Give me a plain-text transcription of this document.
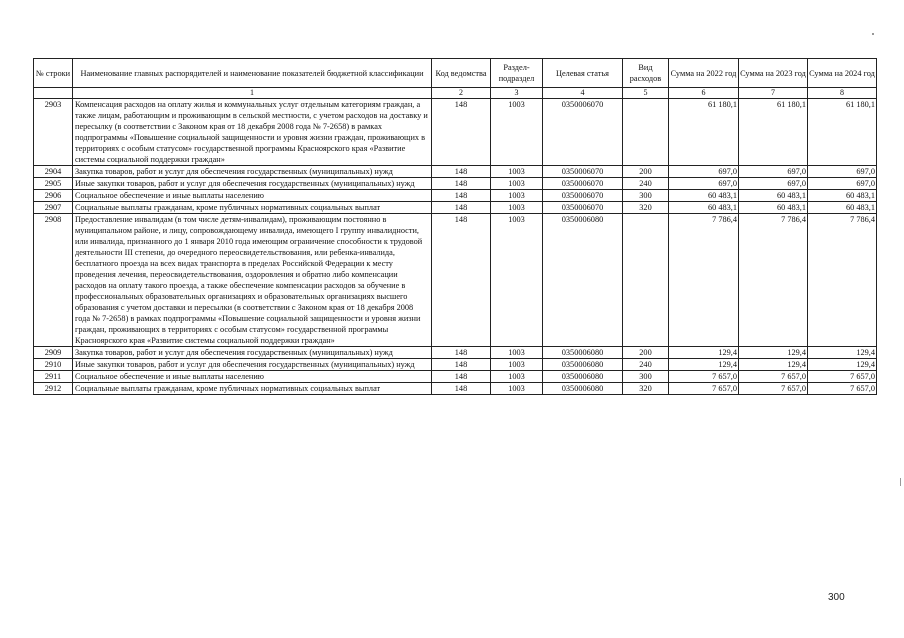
№ строки	Наименование главных распорядителей и наименование показателей бюджетной классификации	Код ведомства	Раздел-подраздел	Целевая статья	Вид расходов	Сумма на 2022 год	Сумма на 2023 год	Сумма на 2024 год
	1	2	3	4	5	6	7	8
2903	Компенсация расходов на оплату жилья и коммунальных услуг отдельным категориям граждан, а также лицам, работающим и проживающим в сельской местности, с учетом расходов на доставку и пересылку (в соответствии с Законом края от 18 декабря 2008 года № 7-2658) в рамках подпрограммы «Повышение социальной защищенности и уровня жизни граждан, проживающих в территориях с особым статусом» государственной программы Красноярского края «Развитие системы социальной поддержки граждан»	148	1003	0350006070		61 180,1	61 180,1	61 180,1
2904	Закупка товаров, работ и услуг для обеспечения государственных (муниципальных) нужд	148	1003	0350006070	200	697,0	697,0	697,0
2905	Иные закупки товаров, работ и услуг для обеспечения государственных (муниципальных) нужд	148	1003	0350006070	240	697,0	697,0	697,0
2906	Социальное обеспечение и иные выплаты населению	148	1003	0350006070	300	60 483,1	60 483,1	60 483,1
2907	Социальные выплаты гражданам, кроме публичных нормативных социальных выплат	148	1003	0350006070	320	60 483,1	60 483,1	60 483,1
2908	Предоставление инвалидам (в том числе детям-инвалидам), проживающим постоянно в муниципальном районе, и лицу, сопровождающему инвалида, имеющего I группу инвалидности, или инвалида, признанного до 1 января 2010 года имеющим ограничение способности к трудовой деятельности III степени, до очередного переосвидетельствования, или ребенка-инвалида, бесплатного проезда на всех видах транспорта в пределах Российской Федерации к месту проведения лечения, переосвидетельствования, оздоровления и обратно либо компенсации расходов на оплату такого проезда, а также обеспечение компенсации расходов за обучение в профессиональных образовательных организациях и образовательных организациях высшего образования с учетом доставки и пересылки (в соответствии с Законом края от 18 декабря 2008 года № 7-2658) в рамках подпрограммы «Повышение социальной защищенности и уровня жизни граждан, проживающих в территориях с особым статусом» государственной программы Красноярского края «Развитие системы социальной поддержки граждан»	148	1003	0350006080		7 786,4	7 786,4	7 786,4
2909	Закупка товаров, работ и услуг для обеспечения государственных (муниципальных) нужд	148	1003	0350006080	200	129,4	129,4	129,4
2910	Иные закупки товаров, работ и услуг для обеспечения государственных (муниципальных) нужд	148	1003	0350006080	240	129,4	129,4	129,4
2911	Социальное обеспечение и иные выплаты населению	148	1003	0350006080	300	7 657,0	7 657,0	7 657,0
2912	Социальные выплаты гражданам, кроме публичных нормативных социальных выплат	148	1003	0350006080	320	7 657,0	7 657,0	7 657,0
300
